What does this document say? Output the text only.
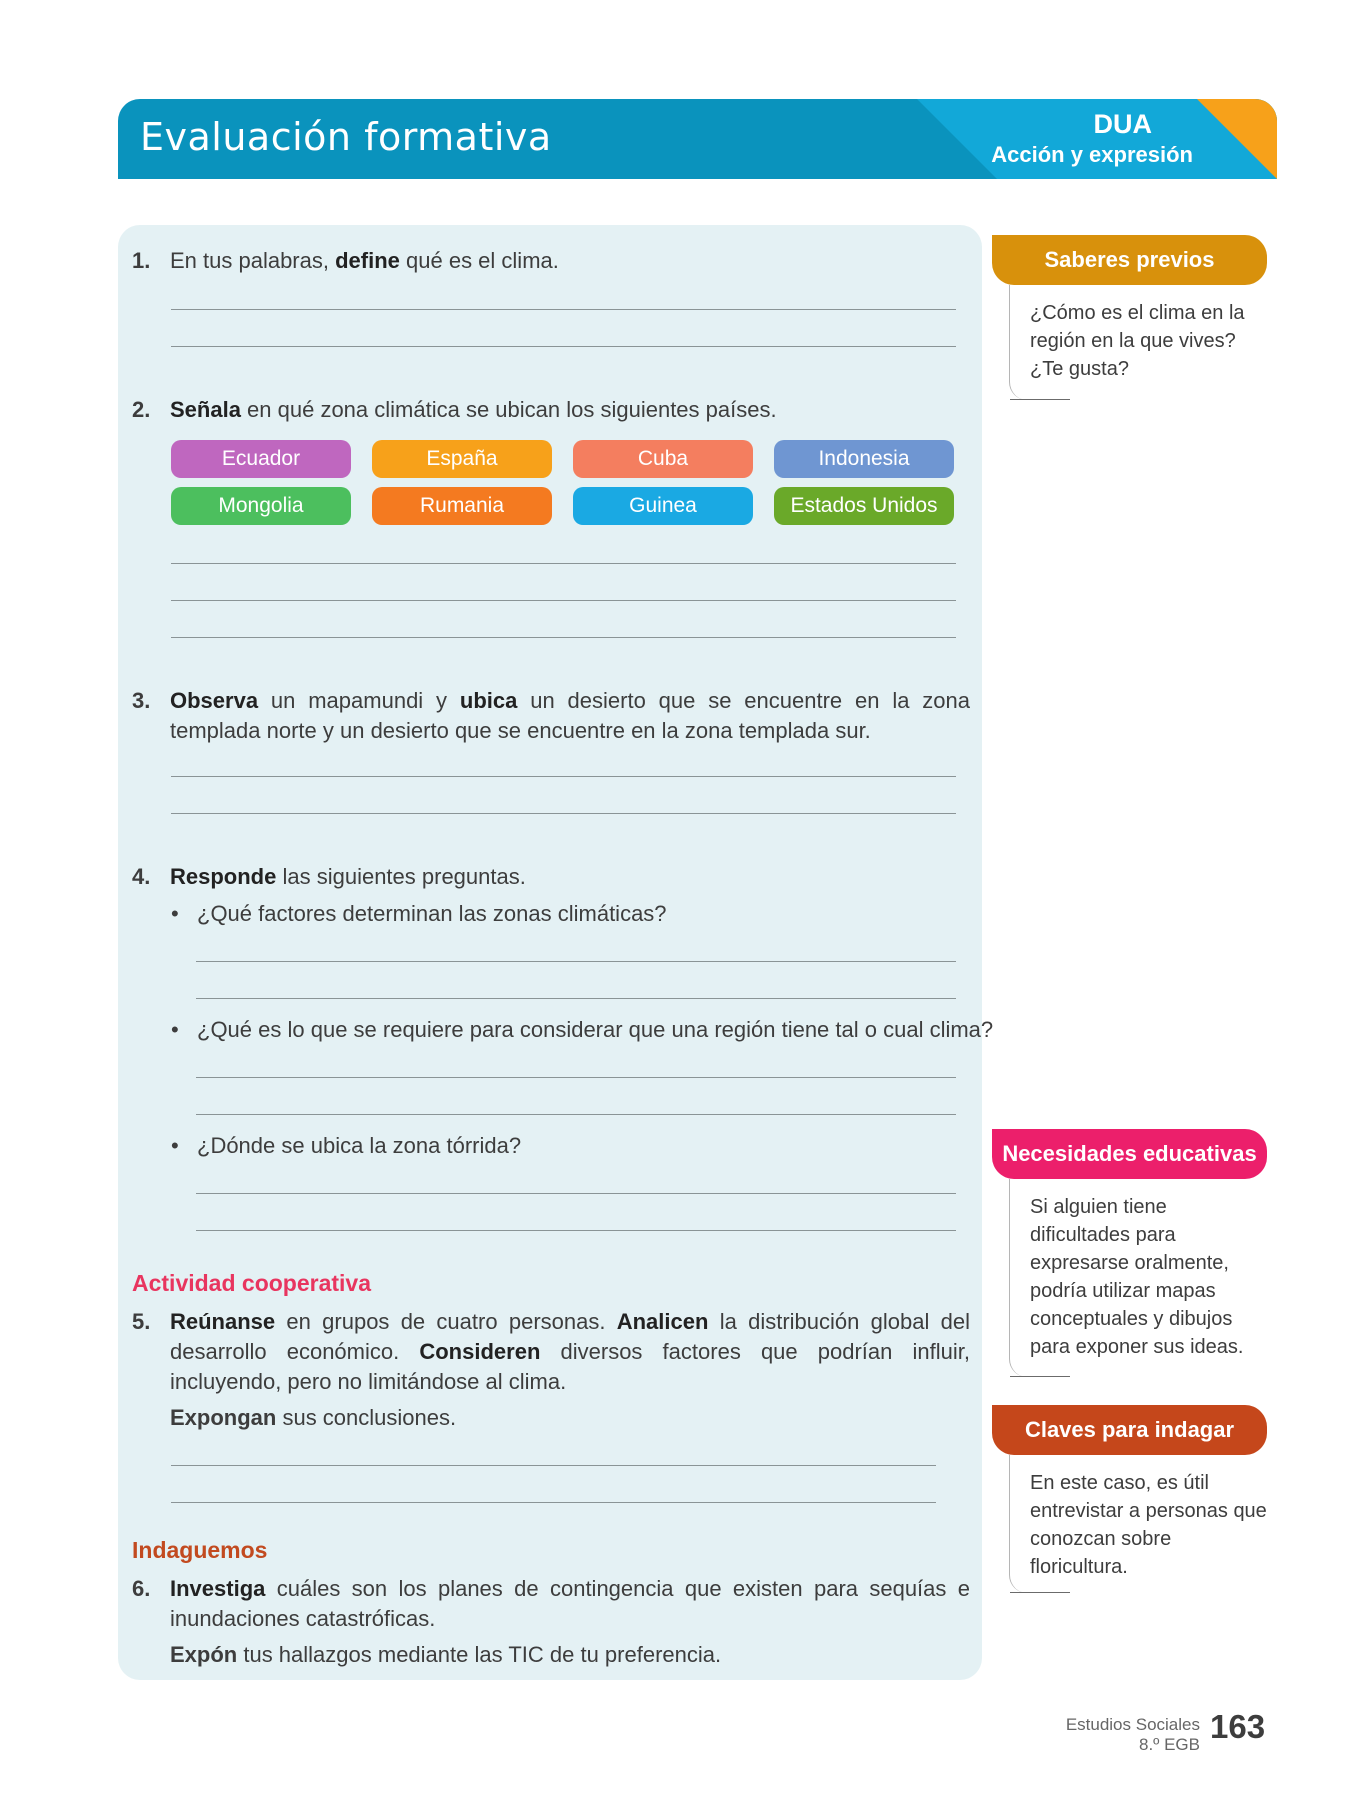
Evaluación formativa	DUA
Acción y expresión
1. En tus palabras, define qué es el clima.
2. Señala en qué zona climática se ubican los siguientes países.
Ecuador	España	Cuba	Indonesia
Mongolia	Rumania	Guinea	Estados Unidos
3. Observa un mapamundi y ubica un desierto que se encuentre en la zona templada norte y un desierto que se encuentre en la zona templada sur.
4. Responde las siguientes preguntas.
• ¿Qué factores determinan las zonas climáticas?
• ¿Qué es lo que se requiere para considerar que una región tiene tal o cual clima?
• ¿Dónde se ubica la zona tórrida?
Actividad cooperativa
5. Reúnanse en grupos de cuatro personas. Analicen la distribución global del desarrollo económico. Consideren diversos factores que podrían influir, incluyendo, pero no limitándose al clima.
Expongan sus conclusiones.
Indaguemos
6. Investiga cuáles son los planes de contingencia que existen para sequías e inundaciones catastróficas.
Expón tus hallazgos mediante las TIC de tu preferencia.
Saberes previos
¿Cómo es el clima en la región en la que vives? ¿Te gusta?
Necesidades educativas
Si alguien tiene dificultades para expresarse oralmente, podría utilizar mapas conceptuales y dibujos para exponer sus ideas.
Claves para indagar
En este caso, es útil entrevistar a personas que conozcan sobre floricultura.
Estudios Sociales
8.º EGB 163
